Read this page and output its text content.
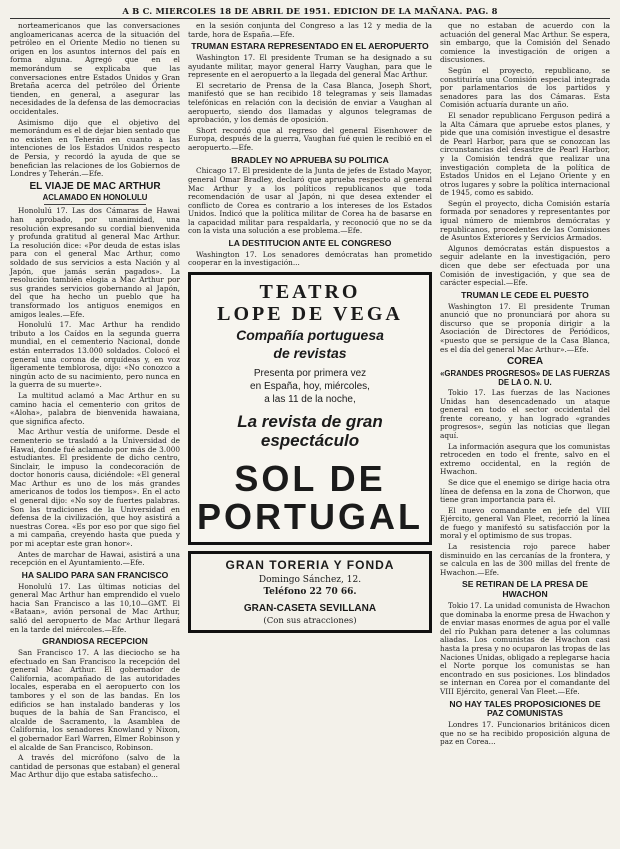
A B C. MIERCOLES 18 DE ABRIL DE 1951. EDICION DE LA MAÑANA. PAG. 8

norteamericanos que las conversaciones angloamericanas acerca de la situación del petróleo en el Oriente Medio no tienen su origen en los asuntos internos del país en forma alguna. Agregó que en el memorándum se explicaba que las conversaciones entre Estados Unidos y Gran Bretaña acerca del petróleo del Oriente tienden, en general, a asegurar las necesidades de la defensa de las democracias occidentales.

Asimismo dijo que el objetivo del memorándum es el de dejar bien sentado que no existen en Teherán en cuanto a las intenciones de los Estados Unidos respecto de Persia, y recordó la ayuda de que se benefician las relaciones de los Gobiernos de Londres y Teherán.—Efe.

EL VIAJE DE MAC ARTHUR
ACLAMADO EN HONOLULU

Honolulú 17. Las dos Cámaras de Hawai han aprobado, por unanimidad, una resolución expresando su cordial bienvenida y profunda gratitud al general Mac Arthur. La resolución dice: «Por deuda de estas islas para con el general Mac Arthur, como soldado de sus servicios a esta Nación y al Japón, que jamás serán pagados». La resolución también elogia a Mac Arthur por sus grandes servicios gobernando al Japón, del que ha hecho un pueblo que ha transformado los antiguos enemigos en amigos leales.—Efe.

Honolulú 17. Mac Arthur ha rendido tributo a los Caídos en la segunda guerra mundial, en el cementerio Nacional, donde están enterrados 13.000 soldados. Colocó el general una corona de orquídeas y, en voz ligeramente temblorosa, dijo: «No conozco a ningún acto de su nacimiento, pero nunca en la guerra de su muerte».

La multitud aclamó a Mac Arthur en su camino hacia el cementerio con gritos de «Aloha», palabra de bienvenida hawaiana, que significa afecto.

Mac Arthur vestía de uniforme. Desde el cementerio se trasladó a la Universidad de Hawai, donde fué aclamado por más de 3.000 estudiantes. El presidente de dicho centro, Sinclair, le impuso la condecoración de doctor honoris causa, diciéndole: «El general Mac Arthur es uno de los más grandes americanos de todos los tiempos». En el acto el general dijo: «No soy de fuertes palabras. Son las tradiciones de la Universidad en defensa de la civilización, que hoy asistirá a nuestras Corea. «Es por eso por que sigo fiel a mi campaña, creyendo hasta que pueda y por mi aceptar este gran honor».

Antes de marchar de Hawai, asistirá a una recepción en el Ayuntamiento.—Efe.

HA SALIDO PARA SAN FRANCISCO

Honolulú 17. Las últimas noticias del general Mac Arthur han emprendido el vuelo hacia San Francisco a las 10,10—GMT. El «Bataan», avión personal de Mac Arthur, salió del aeropuerto de Mac Arthur llegará en la tarde del miércoles.—Efe.

GRANDIOSA RECEPCION

San Francisco 17. A las dieciocho se ha efectuado en San Francisco la recepción del general Mac Arthur. El gobernador de California, acompañado de las autoridades locales, esperaba en el aeropuerto con los tambores y el son de las bandas. En los edificios se han instalado banderas y los buques de la bahía de San Francisco, el alcalde de Sacramento, la Asamblea de California, los senadores Knowland y Nixon, el gobernador Earl Warren, Elmer Robinson y el alcalde de San Francisco, Robinson.

A través del micrófono (salvo de la cantidad de personas que estaban) el general Mac Arthur dijo que estaba satisfecho...

en la sesión conjunta del Congreso a las 12 y media de la tarde, hora de España.—Efe.

TRUMAN ESTARA REPRESENTADO EN EL AEROPUERTO

Washington 17. El presidente Truman se ha designado a su ayudante militar, mayor general Harry Vaughan, para que le represente en el aeropuerto a la llegada del general Mac Arthur.

El secretario de Prensa de la Casa Blanca, Joseph Short, manifestó que se han recibido 18 telegramas y seis llamadas telefónicas en relación con la decisión de enviar a Vaughan al aeropuerto, siendo dos llamadas y algunos telegramas de aprobación, y los demás de oposición.

Short recordó que al regreso del general Eisenhower de Europa, después de la guerra, Vaughan fué quien le recibió en el aeropuerto.—Efe.

BRADLEY NO APRUEBA SU POLITICA

Chicago 17. El presidente de la Junta de jefes de Estado Mayor, general Omar Bradley, declaró que aprueba respecto al general Mac Arthur y a los políticos republicanos que toda recomendación de usar al Japón, ni que desea extender el conflicto de Corea es contrario a los intereses de los Estados Unidos. Indicó que la política militar de Corea ha de basarse en la capacidad militar para respaldarla, y reconoció que no se da con la vista una solución a ese problema.—Efe.

LA DESTITUCION ANTE EL CONGRESO

Washington 17. Los senadores demócratas han prometido cooperar en la investigación...

TEATRO
LOPE DE VEGA
Compañía portuguesa
de revistas
Presenta por primera vez
en España, hoy, miércoles,
a las 11 de la noche,
La revista de gran
espectáculo
SOL DE
PORTUGAL
GRAN TORERIA Y FONDA
Domingo Sánchez, 12.
Teléfono 22 70 66.
GRAN-CASETA SEVILLANA
(Con sus atracciones)

que no estaban de acuerdo con la actuación del general Mac Arthur. Se espera, sin embargo, que la Comisión del Senado comience la investigación de origen a discusiones.

Según el proyecto, republicano, se constituiría una Comisión especial integrada por parlamentarios de los partidos y senadores para las dos Cámaras. Esta Comisión actuaría durante un año.

El senador republicano Ferguson pedirá a la Alta Cámara que apruebe estos planes, y pide que una comisión investigue el desastre de Pearl Harbor, para que se conozcan las circunstancias del desastre de Pearl Harbor, y la Comisión tendrá que realizar una investigación completa de la política de Estados Unidos en el Lejano Oriente y en otros lugares y sobre la política internacional de 1945, como es sabido.

Según el proyecto, dicha Comisión estaría formada por senadores y representantes por igual número de miembros demócratas y republicanos, procedentes de las Comisiones de Asuntos Exteriores y Servicios Armados.

Algunos demócratas están dispuestos a seguir adelante en la investigación, pero dicen que debe ser efectuada por una Comisión de investigación, y que sea de carácter especial.—Efe.

TRUMAN LE CEDE EL PUESTO

Washington 17. El presidente Truman anunció que no pronunciará por ahora su discurso que se proponía dirigir a la Asociación de Directores de Periódicos, «puesto que se persigue de la Casa Blanca, es el día del general Mac Arthur».—Efe.

COREA
«GRANDES PROGRESOS» DE LAS FUERZAS DE LA O. N. U.

Tokio 17. Las fuerzas de las Naciones Unidas han desencadenado un ataque general en todo el sector occidental del frente coreano, y han logrado «grandes progresos», según las noticias que llegan aquí.

La información asegura que los comunistas retroceden en todo el frente, salvo en el extremo occidental, en la región de Hwachon.

Se dice que el enemigo se dirige hacia otra línea de defensa en la zona de Chorwon, que tiene gran importancia para él.

El nuevo comandante en jefe del VIII Ejército, general Van Fleet, recorrió la línea de fuego y manifestó su satisfacción por la moral y el optimismo de sus tropas.

La resistencia rojo parece haber disminuido en las cercanías de la frontera, y se calcula en las de 300 millas del frente de Hwachon.—Efe.

SE RETIRAN DE LA PRESA DE HWACHON

Tokio 17. La unidad comunista de Hwachon que dominaba la enorme presa de Hwachon y de enviar masas enormes de agua por el valle del río Pukhan para detener a las columnas aliadas. Los comunistas de Hwachon casi hasta la presa y no ocuparon las tropas de las Naciones Unidas, obligado a replegarse hacia el Norte porque los comunistas se han encontrado en sus posiciones. Los blindados se internan en Corea por el comandante del VIII Ejército, general Van Fleet.—Efe.

NO HAY TALES PROPOSICIONES DE PAZ COMUNISTAS

Londres 17. Funcionarios británicos dicen que no se ha recibido proposición alguna de paz en Corea...
